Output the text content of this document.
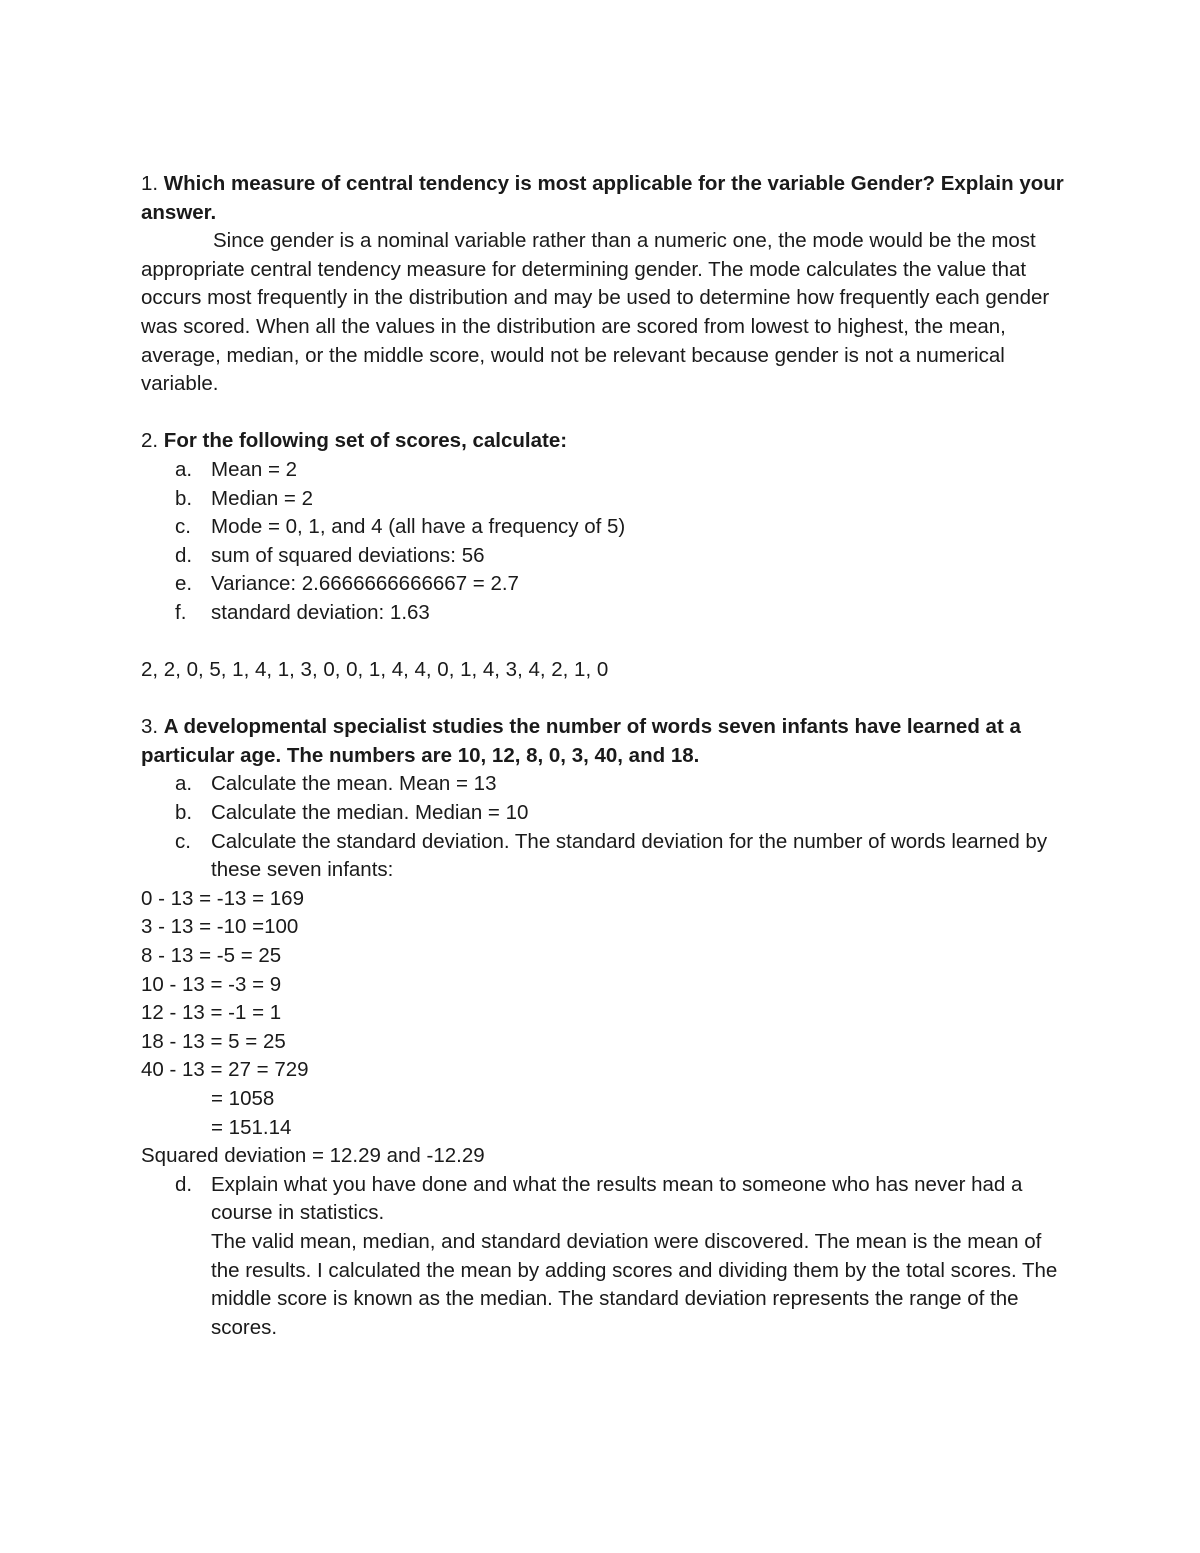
1. Which measure of central tendency is most applicable for the variable Gender? Explain your answer.

Since gender is a nominal variable rather than a numeric one, the mode would be the most appropriate central tendency measure for determining gender. The mode calculates the value that occurs most frequently in the distribution and may be used to determine how frequently each gender was scored. When all the values in the distribution are scored from lowest to highest, the mean, average, median, or the middle score, would not be relevant because gender is not a numerical variable.

2. For the following set of scores, calculate:

a. Mean = 2
b. Median = 2
c. Mode = 0, 1, and 4 (all have a frequency of 5)
d. sum of squared deviations: 56
e. Variance: 2.6666666666667 = 2.7
f. standard deviation: 1.63

2, 2, 0, 5, 1, 4, 1, 3, 0, 0, 1, 4, 4, 0, 1, 4, 3, 4, 2, 1, 0

3. A developmental specialist studies the number of words seven infants have learned at a particular age. The numbers are 10, 12, 8, 0, 3, 40, and 18.

a. Calculate the mean. Mean = 13
b. Calculate the median. Median = 10
c. Calculate the standard deviation. The standard deviation for the number of words learned by these seven infants:

0 - 13 = -13 = 169

3 - 13 = -10 =100

8 - 13 = -5 = 25

10 - 13 = -3 = 9

12 - 13 = -1 = 1

18 - 13 = 5 = 25

40 - 13 = 27 = 729

= 1058

= 151.14

Squared deviation = 12.29 and -12.29

d. Explain what you have done and what the results mean to someone who has never had a course in statistics.
The valid mean, median, and standard deviation were discovered. The mean is the mean of the results. I calculated the mean by adding scores and dividing them by the total scores. The middle score is known as the median. The standard deviation represents the range of the scores.
